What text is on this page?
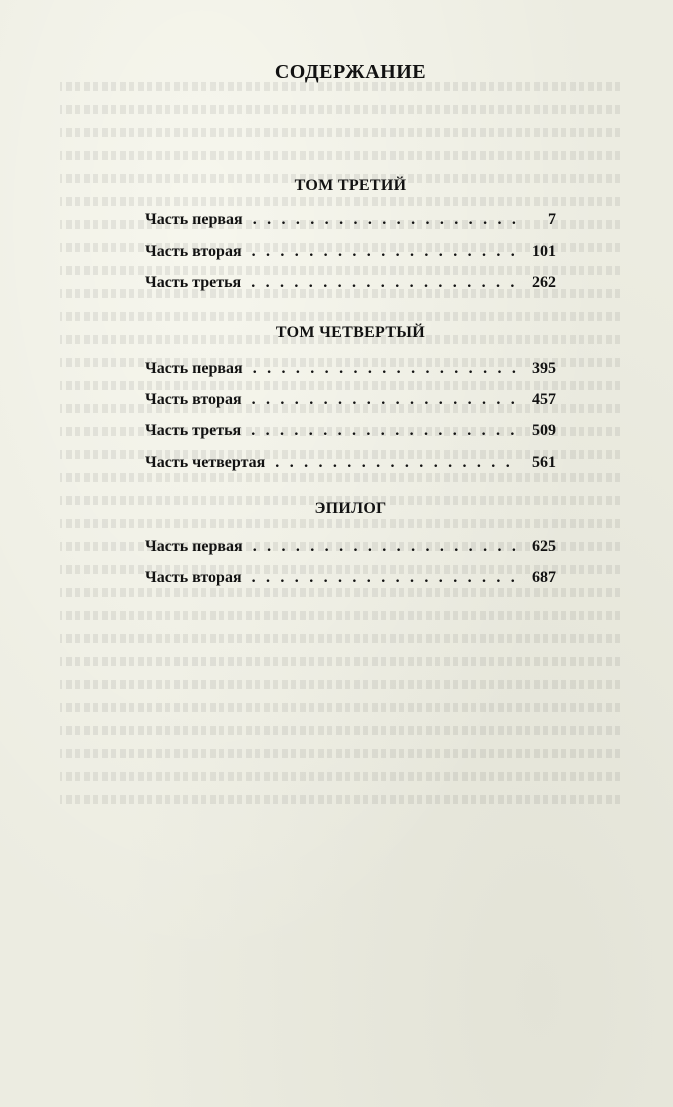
СОДЕРЖАНИЕ
ТОМ ТРЕТИЙ
Часть первая . . .	7
Часть вторая . . .	101
Часть третья . . .	262
ТОМ ЧЕТВЕРТЫЙ
Часть первая . . .	395
Часть вторая . . .	457
Часть третья . . .	509
Часть четвертая . . .	561
ЭПИЛОГ
Часть первая . . .	625
Часть вторая . . .	687
